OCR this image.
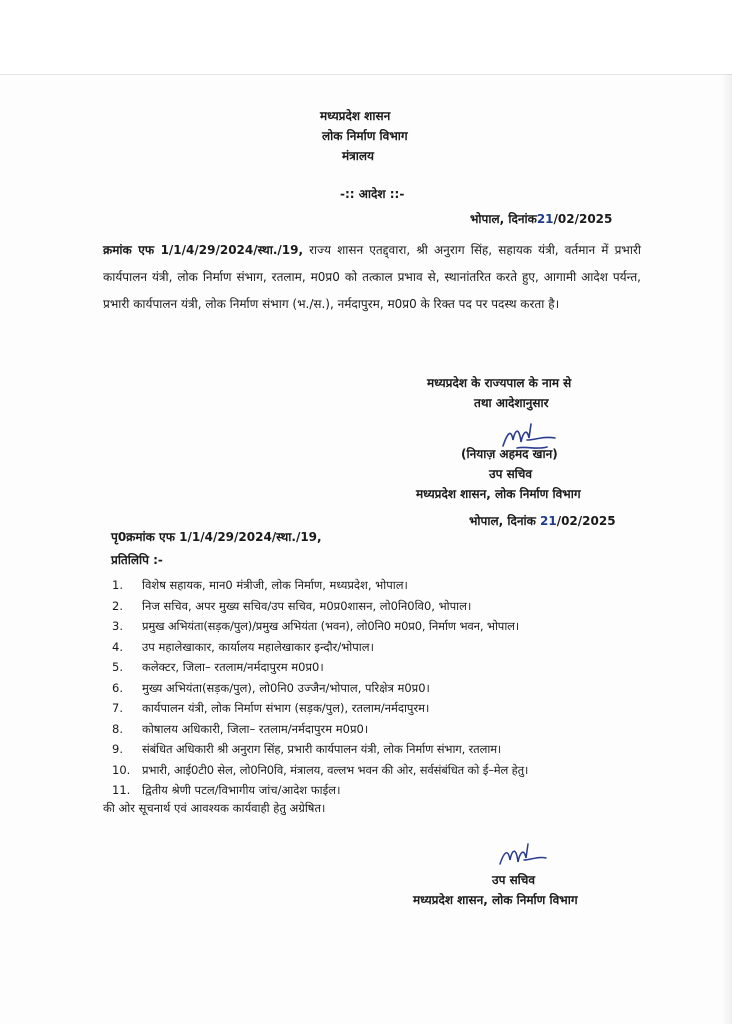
मध्यप्रदेश शासन
लोक निर्माण विभाग
मंत्रालय
-:: आदेश ::-
भोपाल, दिनांक21/02/2025
क्रमांक एफ 1/1/4/29/2024/स्था./19, राज्य शासन एतद्द्वारा, श्री अनुराग सिंह, सहायक यंत्री, वर्तमान में प्रभारी कार्यपालन यंत्री, लोक निर्माण संभाग, रतलाम, म0प्र0 को तत्काल प्रभाव से, स्थानांतरित करते हुए, आगामी आदेश पर्यन्त, प्रभारी कार्यपालन यंत्री, लोक निर्माण संभाग (भ./स.), नर्मदापुरम, म0प्र0 के रिक्त पद पर पदस्थ करता है।
मध्यप्रदेश के राज्यपाल के नाम से
तथा आदेशानुसार
(नियाज़ अहमद खान)
उप सचिव
मध्यप्रदेश शासन, लोक निर्माण विभाग
भोपाल, दिनांक 21/02/2025
पृ0क्रमांक एफ 1/1/4/29/2024/स्था./19,
प्रतिलिपि :-
1.	विशेष सहायक, मान0 मंत्रीजी, लोक निर्माण, मध्यप्रदेश, भोपाल।
2.	निज सचिव, अपर मुख्य सचिव/उप सचिव, म0प्र0शासन, लो0नि0वि0, भोपाल।
3.	प्रमुख अभियंता(सड़क/पुल)/प्रमुख अभियंता (भवन), लो0नि0 म0प्र0, निर्माण भवन, भोपाल।
4.	उप महालेखाकार, कार्यालय महालेखाकार इन्दौर/भोपाल।
5.	कलेक्टर, जिला– रतलाम/नर्मदापुरम म0प्र0।
6.	मुख्य अभियंता(सड़क/पुल), लो0नि0 उज्जैन/भोपाल, परिक्षेत्र म0प्र0।
7.	कार्यपालन यंत्री, लोक निर्माण संभाग (सड़क/पुल), रतलाम/नर्मदापुरम।
8.	कोषालय अधिकारी, जिला– रतलाम/नर्मदापुरम म0प्र0।
9.	संबंधित अधिकारी श्री अनुराग सिंह, प्रभारी कार्यपालन यंत्री, लोक निर्माण संभाग, रतलाम।
10.	प्रभारी, आई0टी0 सेल, लो0नि0वि, मंत्रालय, वल्लभ भवन की ओर, सर्वसंबंधित को ई–मेल हेतु।
11.	द्वितीय श्रेणी पटल/विभागीय जांच/आदेश फाईल।
की ओर सूचनार्थ एवं आवश्यक कार्यवाही हेतु अग्रेषित।
उप सचिव
मध्यप्रदेश शासन, लोक निर्माण विभाग
